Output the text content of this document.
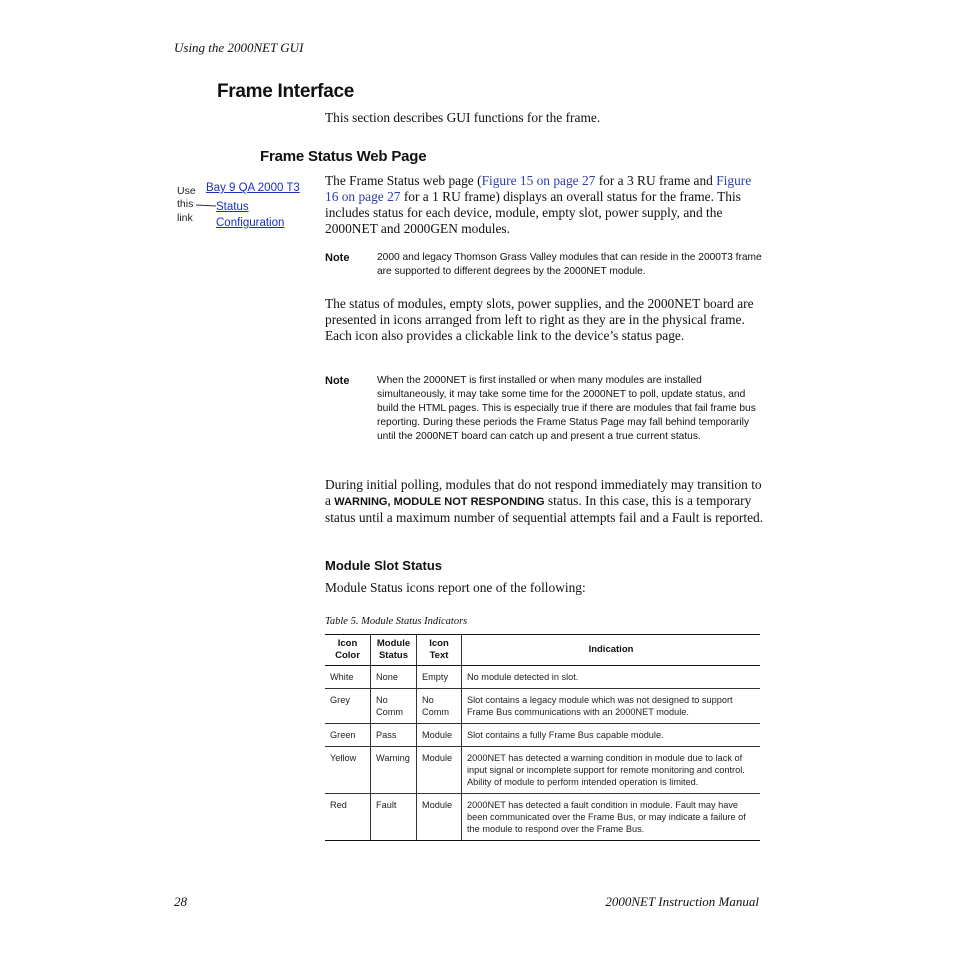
Using the 2000NET GUI
Frame Interface
This section describes GUI functions for the frame.
Frame Status Web Page
Use
this
link
Bay 9 QA 2000 T3
Status
Configuration
The Frame Status web page (Figure 15 on page 27 for a 3 RU frame and Figure 16 on page 27 for a 1 RU frame) displays an overall status for the frame. This includes status for each device, module, empty slot, power supply, and the 2000NET and 2000GEN modules.
Note	2000 and legacy Thomson Grass Valley modules that can reside in the 2000T3 frame are supported to different degrees by the 2000NET module.
The status of modules, empty slots, power supplies, and the 2000NET board are presented in icons arranged from left to right as they are in the physical frame. Each icon also provides a clickable link to the device’s status page.
Note	When the 2000NET is first installed or when many modules are installed simultaneously, it may take some time for the 2000NET to poll, update status, and build the HTML pages. This is especially true if there are modules that fail frame bus reporting. During these periods the Frame Status Page may fall behind temporarily until the 2000NET board can catch up and present a true current status.
During initial polling, modules that do not respond immediately may transition to a WARNING, MODULE NOT RESPONDING status. In this case, this is a temporary status until a maximum number of sequential attempts fail and a Fault is reported.
Module Slot Status
Module Status icons report one of the following:
Table 5. Module Status Indicators
Icon Color	Module Status	Icon Text	Indication
White	None	Empty	No module detected in slot.
Grey	No Comm	No Comm	Slot contains a legacy module which was not designed to support Frame Bus communications with an 2000NET module.
Green	Pass	Module	Slot contains a fully Frame Bus capable module.
Yellow	Warning	Module	2000NET has detected a warning condition in module due to lack of input signal or incomplete support for remote monitoring and control. Ability of module to perform intended operation is limited.
Red	Fault	Module	2000NET has detected a fault condition in module. Fault may have been communicated over the Frame Bus, or may indicate a failure of the module to respond over the Frame Bus.
28	2000NET Instruction Manual
